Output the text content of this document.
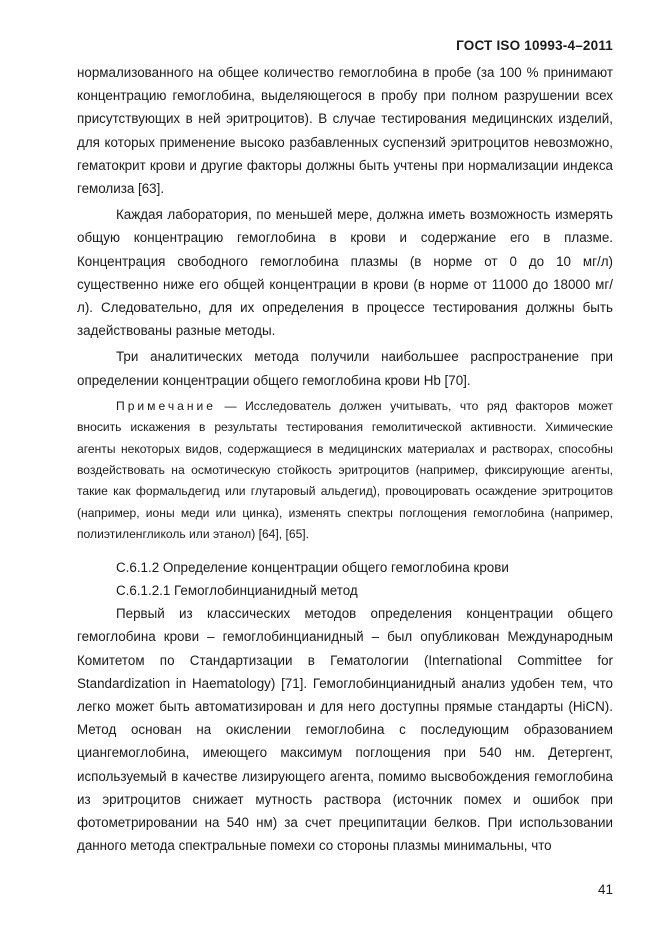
ГОСТ ISO 10993-4–2011

нормализованного на общее количество гемоглобина в пробе (за 100 % принимают концентрацию гемоглобина, выделяющегося в пробу при полном разрушении всех присутствующих в ней эритроцитов). В случае тестирования медицинских изделий, для которых применение высоко разбавленных суспензий эритроцитов невозможно, гематокрит крови и другие факторы должны быть учтены при нормализации индекса гемолиза [63].

Каждая лаборатория, по меньшей мере, должна иметь возможность измерять общую концентрацию гемоглобина в крови и содержание его в плазме. Концентрация свободного гемоглобина плазмы (в норме от 0 до 10 мг/л) существенно ниже его общей концентрации в крови (в норме от 11000 до 18000 мг/л). Следовательно, для их определения в процессе тестирования должны быть задействованы разные методы.

Три аналитических метода получили наибольшее распространение при определении концентрации общего гемоглобина крови Hb [70].

Примечание — Исследователь должен учитывать, что ряд факторов может вносить искажения в результаты тестирования гемолитической активности. Химические агенты некоторых видов, содержащиеся в медицинских материалах и растворах, способны воздействовать на осмотическую стойкость эритроцитов (например, фиксирующие агенты, такие как формальдегид или глутаровый альдегид), провоцировать осаждение эритроцитов (например, ионы меди или цинка), изменять спектры поглощения гемоглобина (например, полиэтиленгликоль или этанол) [64], [65].

С.6.1.2 Определение концентрации общего гемоглобина крови

С.6.1.2.1 Гемоглобинцианидный метод

Первый из классических методов определения концентрации общего гемоглобина крови – гемоглобинцианидный – был опубликован Международным Комитетом по Стандартизации в Гематологии (International Committee for Standardization in Haematology) [71]. Гемоглобинцианидный анализ удобен тем, что легко может быть автоматизирован и для него доступны прямые стандарты (HiCN). Метод основан на окислении гемоглобина с последующим образованием циангемоглобина, имеющего максимум поглощения при 540 нм. Детергент, используемый в качестве лизирующего агента, помимо высвобождения гемоглобина из эритроцитов снижает мутность раствора (источник помех и ошибок при фотометрировании на 540 нм) за счет преципитации белков. При использовании данного метода спектральные помехи со стороны плазмы минимальны, что

41
